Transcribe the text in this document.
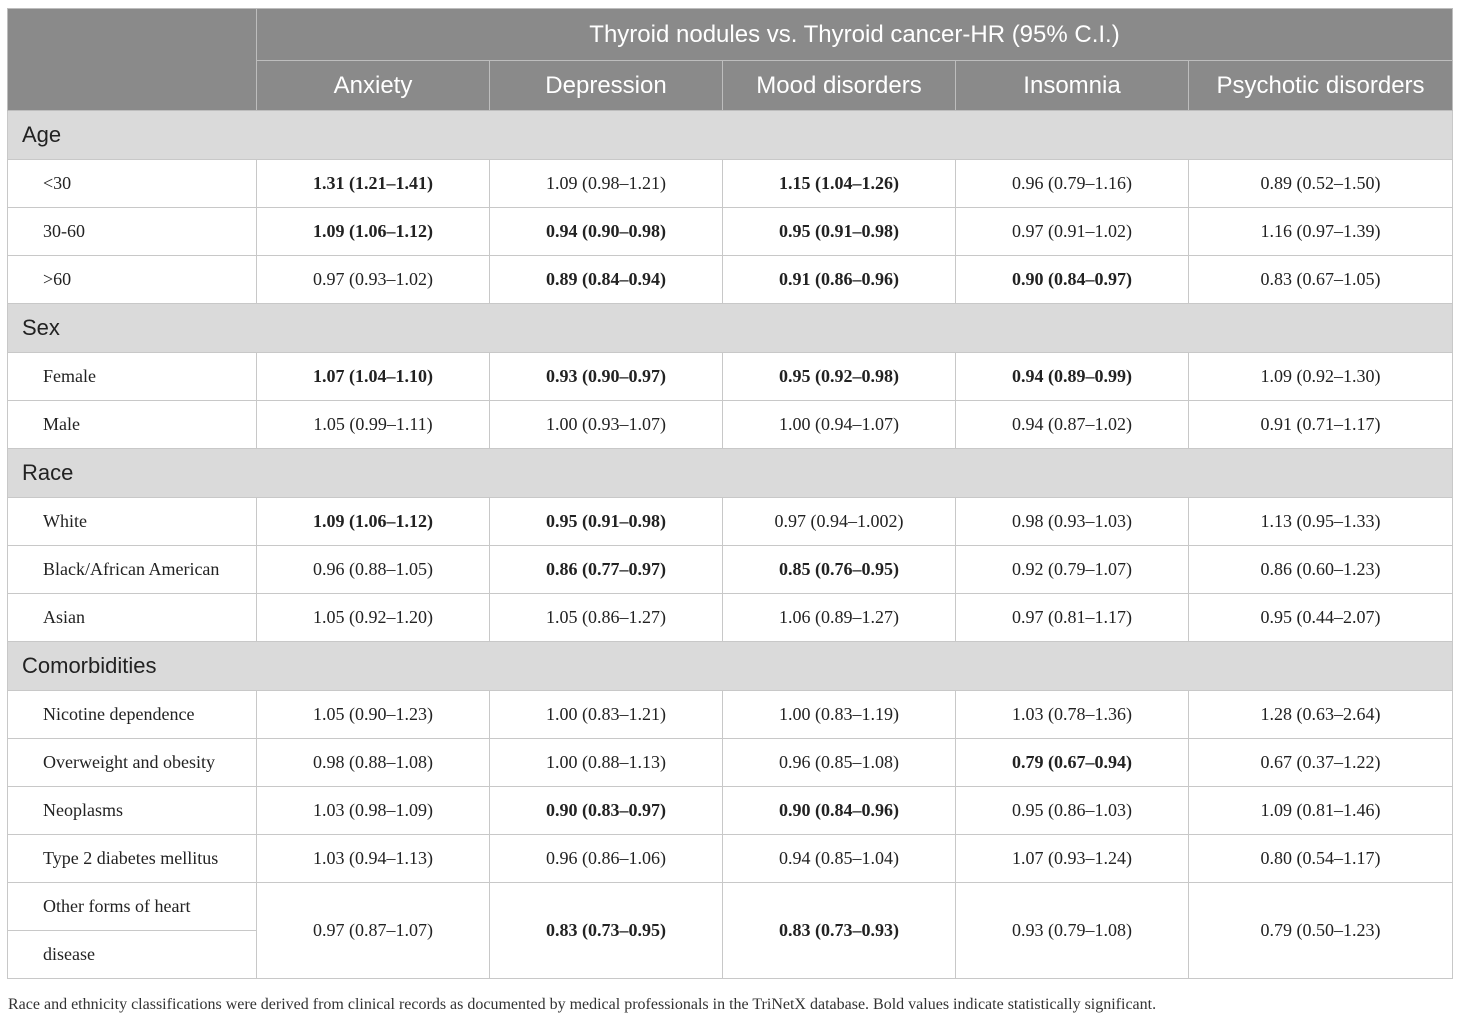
	Thyroid nodules vs. Thyroid cancer-HR (95% C.I.)				
	Anxiety	Depression	Mood disorders	Insomnia	Psychotic disorders
Age					
<30	1.31 (1.21–1.41)	1.09 (0.98–1.21)	1.15 (1.04–1.26)	0.96 (0.79–1.16)	0.89 (0.52–1.50)
30-60	1.09 (1.06–1.12)	0.94 (0.90–0.98)	0.95 (0.91–0.98)	0.97 (0.91–1.02)	1.16 (0.97–1.39)
>60	0.97 (0.93–1.02)	0.89 (0.84–0.94)	0.91 (0.86–0.96)	0.90 (0.84–0.97)	0.83 (0.67–1.05)
Sex					
Female	1.07 (1.04–1.10)	0.93 (0.90–0.97)	0.95 (0.92–0.98)	0.94 (0.89–0.99)	1.09 (0.92–1.30)
Male	1.05 (0.99–1.11)	1.00 (0.93–1.07)	1.00 (0.94–1.07)	0.94 (0.87–1.02)	0.91 (0.71–1.17)
Race					
White	1.09 (1.06–1.12)	0.95 (0.91–0.98)	0.97 (0.94–1.002)	0.98 (0.93–1.03)	1.13 (0.95–1.33)
Black/African American	0.96 (0.88–1.05)	0.86 (0.77–0.97)	0.85 (0.76–0.95)	0.92 (0.79–1.07)	0.86 (0.60–1.23)
Asian	1.05 (0.92–1.20)	1.05 (0.86–1.27)	1.06 (0.89–1.27)	0.97 (0.81–1.17)	0.95 (0.44–2.07)
Comorbidities					
Nicotine dependence	1.05 (0.90–1.23)	1.00 (0.83–1.21)	1.00 (0.83–1.19)	1.03 (0.78–1.36)	1.28 (0.63–2.64)
Overweight and obesity	0.98 (0.88–1.08)	1.00 (0.88–1.13)	0.96 (0.85–1.08)	0.79 (0.67–0.94)	0.67 (0.37–1.22)
Neoplasms	1.03 (0.98–1.09)	0.90 (0.83–0.97)	0.90 (0.84–0.96)	0.95 (0.86–1.03)	1.09 (0.81–1.46)
Type 2 diabetes mellitus	1.03 (0.94–1.13)	0.96 (0.86–1.06)	0.94 (0.85–1.04)	1.07 (0.93–1.24)	0.80 (0.54–1.17)
Other forms of heart	0.97 (0.87–1.07)	0.83 (0.73–0.95)	0.83 (0.73–0.93)	0.93 (0.79–1.08)	0.79 (0.50–1.23)
disease					
Race and ethnicity classifications were derived from clinical records as documented by medical professionals in the TriNetX database. Bold values indicate statistically significant.
